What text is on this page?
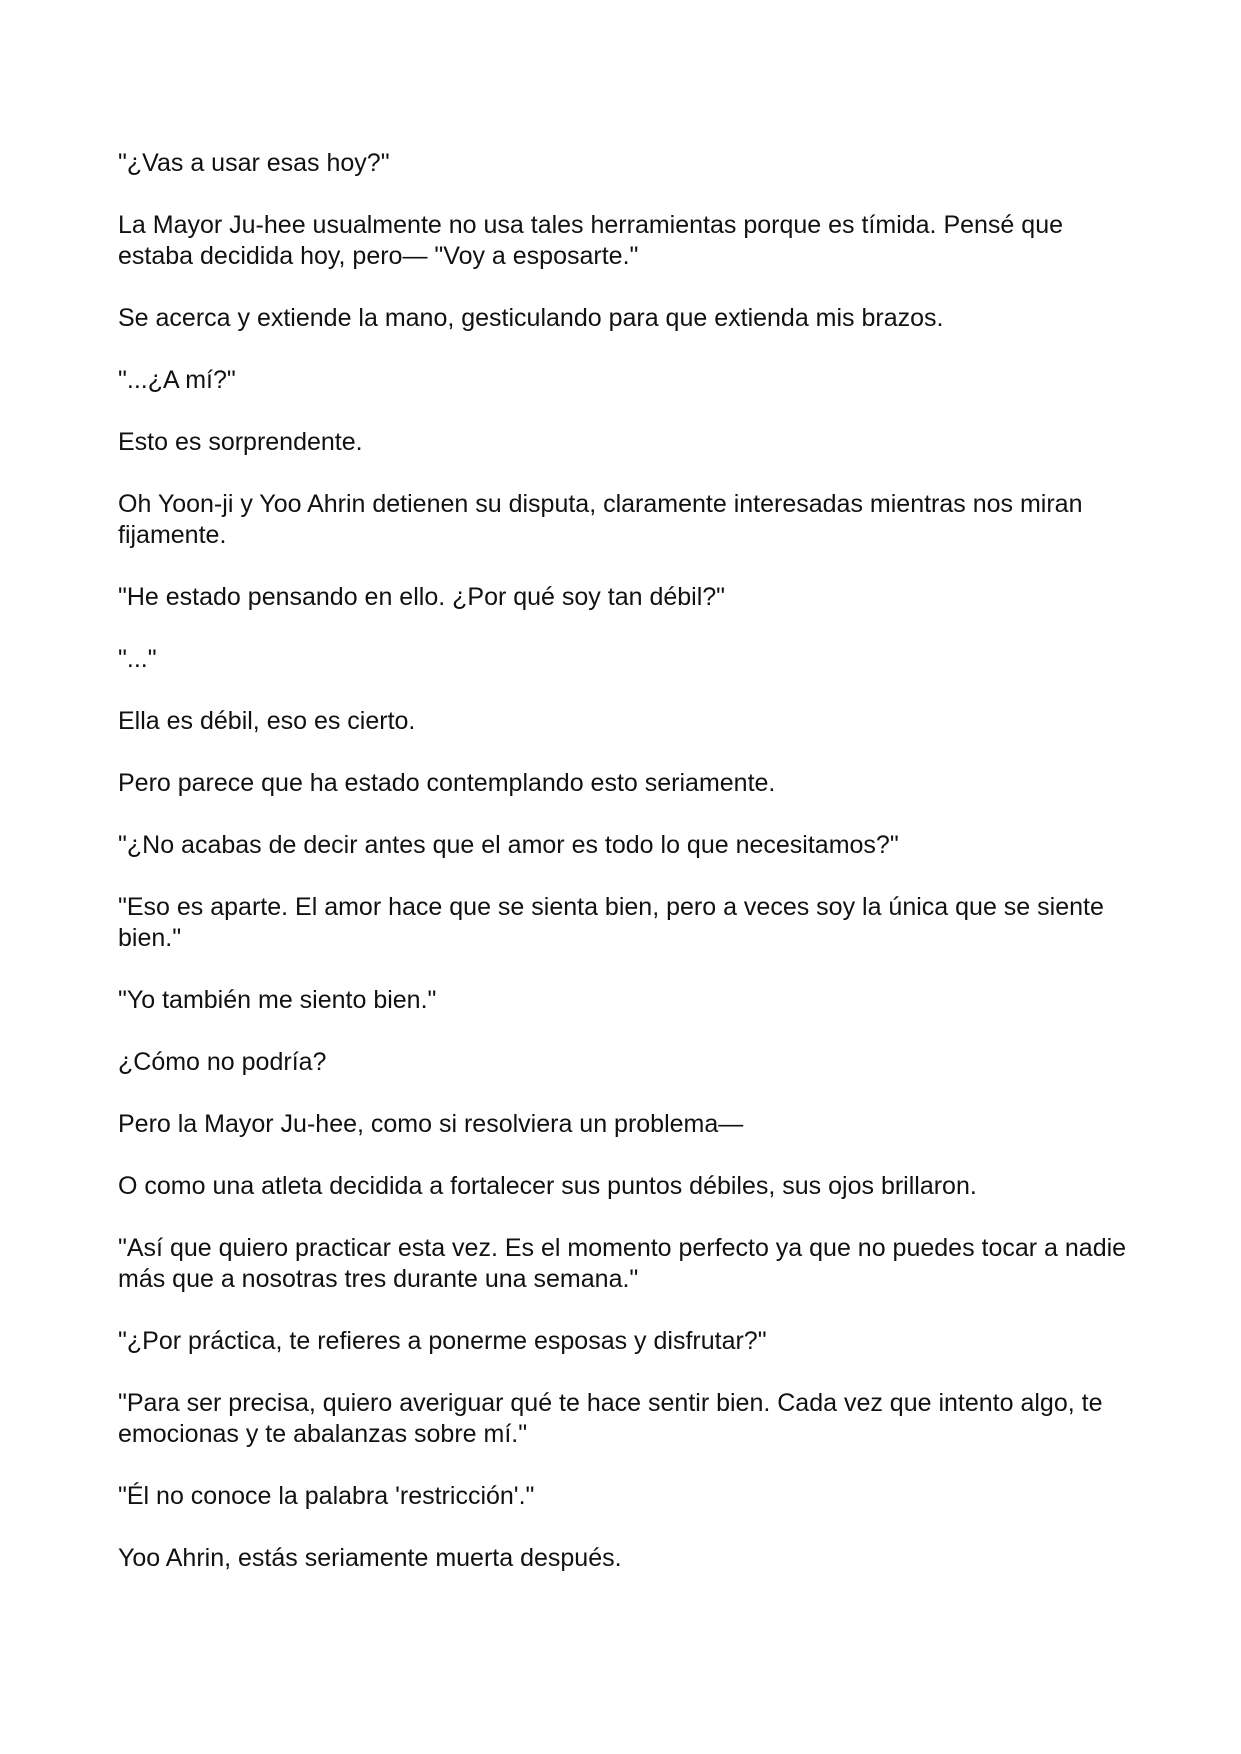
"¿Vas a usar esas hoy?"

La Mayor Ju-hee usualmente no usa tales herramientas porque es tímida. Pensé que estaba decidida hoy, pero— "Voy a esposarte."

Se acerca y extiende la mano, gesticulando para que extienda mis brazos.

"...¿A mí?"

Esto es sorprendente.

Oh Yoon-ji y Yoo Ahrin detienen su disputa, claramente interesadas mientras nos miran fijamente.

"He estado pensando en ello. ¿Por qué soy tan débil?"

"..."

Ella es débil, eso es cierto.

Pero parece que ha estado contemplando esto seriamente.

"¿No acabas de decir antes que el amor es todo lo que necesitamos?"

"Eso es aparte. El amor hace que se sienta bien, pero a veces soy la única que se siente bien."

"Yo también me siento bien."

¿Cómo no podría?

Pero la Mayor Ju-hee, como si resolviera un problema—

O como una atleta decidida a fortalecer sus puntos débiles, sus ojos brillaron.

"Así que quiero practicar esta vez. Es el momento perfecto ya que no puedes tocar a nadie más que a nosotras tres durante una semana."

"¿Por práctica, te refieres a ponerme esposas y disfrutar?"

"Para ser precisa, quiero averiguar qué te hace sentir bien. Cada vez que intento algo, te emocionas y te abalanzas sobre mí."

"Él no conoce la palabra 'restricción'."

Yoo Ahrin, estás seriamente muerta después.
